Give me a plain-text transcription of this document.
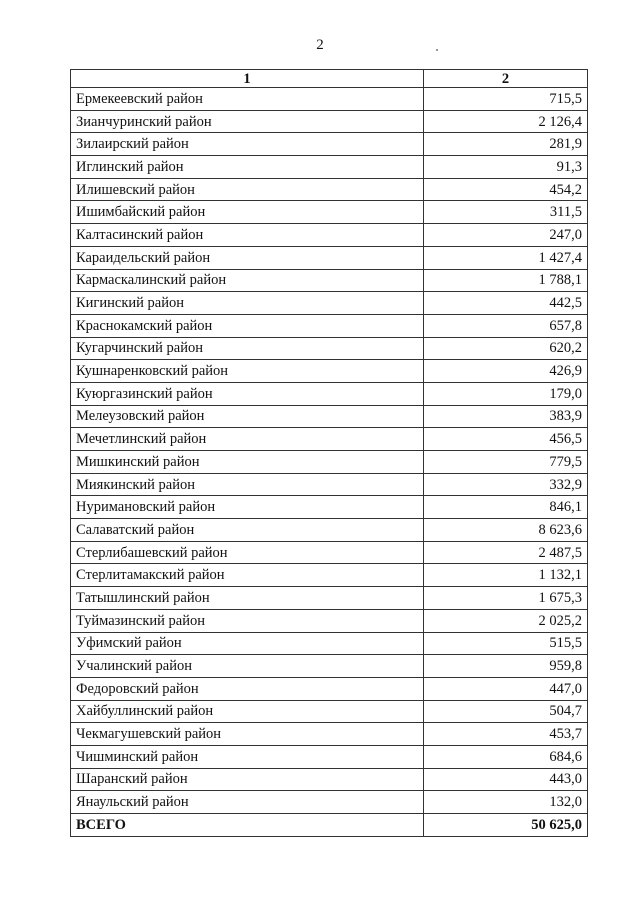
2
1	2
Ермекеевский район	715,5
Зианчуринский район	2 126,4
Зилаирский район	281,9
Иглинский район	91,3
Илишевский район	454,2
Ишимбайский район	311,5
Калтасинский район	247,0
Караидельский район	1 427,4
Кармаскалинский район	1 788,1
Кигинский район	442,5
Краснокамский район	657,8
Кугарчинский район	620,2
Кушнаренковский район	426,9
Куюргазинский район	179,0
Мелеузовский район	383,9
Мечетлинский район	456,5
Мишкинский район	779,5
Миякинский район	332,9
Нуримановский район	846,1
Салаватский район	8 623,6
Стерлибашевский район	2 487,5
Стерлитамакский район	1 132,1
Татышлинский район	1 675,3
Туймазинский район	2 025,2
Уфимский район	515,5
Учалинский район	959,8
Федоровский район	447,0
Хайбуллинский район	504,7
Чекмагушевский район	453,7
Чишминский район	684,6
Шаранский район	443,0
Янаульский район	132,0
ВСЕГО	50 625,0
